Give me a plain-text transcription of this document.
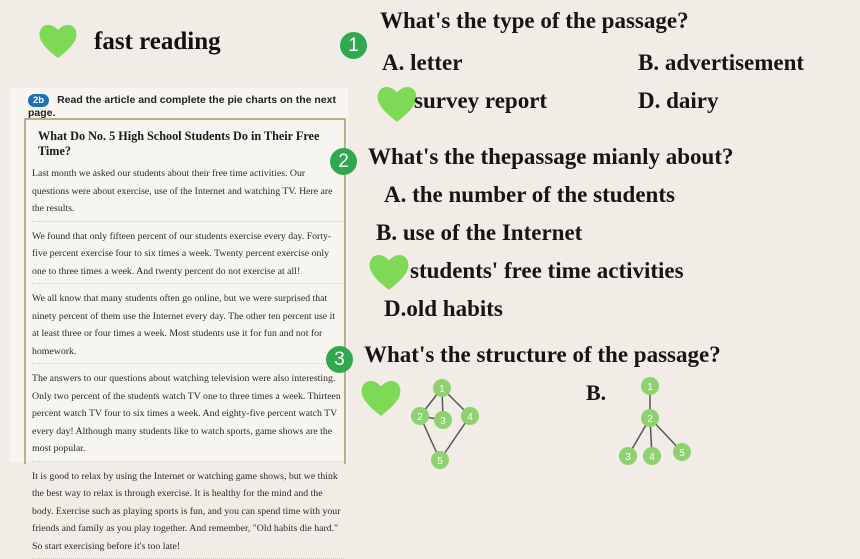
fast reading
2b Read the article and complete the pie charts on the next page.
What Do No. 5 High School Students Do in Their Free Time?

Last month we asked our students about their free time activities. Our questions were about exercise, use of the Internet and watching TV. Here are the results.

We found that only fifteen percent of our students exercise every day. Forty-five percent exercise four to six times a week. Twenty percent exercise only one to three times a week. And twenty percent do not exercise at all!

We all know that many students often go online, but we were surprised that ninety percent of them use the Internet every day. The other ten percent use it at least three or four times a week. Most students use it for fun and not for homework.

The answers to our questions about watching television were also interesting. Only two percent of the students watch TV one to three times a week. Thirteen percent watch TV four to six times a week. And eighty-five percent watch TV every day! Although many students like to watch sports, game shows are the most popular.

It is good to relax by using the Internet or watching game shows, but we think the best way to relax is through exercise. It is healthy for the mind and the body. Exercise such as playing sports is fun, and you can spend time with your friends and family as you play together. And remember, "Old habits die hard." So start exercising before it's too late!

1
What's the type of the passage?
A. letter	B. advertisement
survey report	D. dairy
2 What's the thepassage mianly about?
A. the number of the students
B. use of the Internet
students' free time activities
D.old habits
3 What's the structure of the passage?
1
2 3 4
5
B.	1
2
3 4 5
